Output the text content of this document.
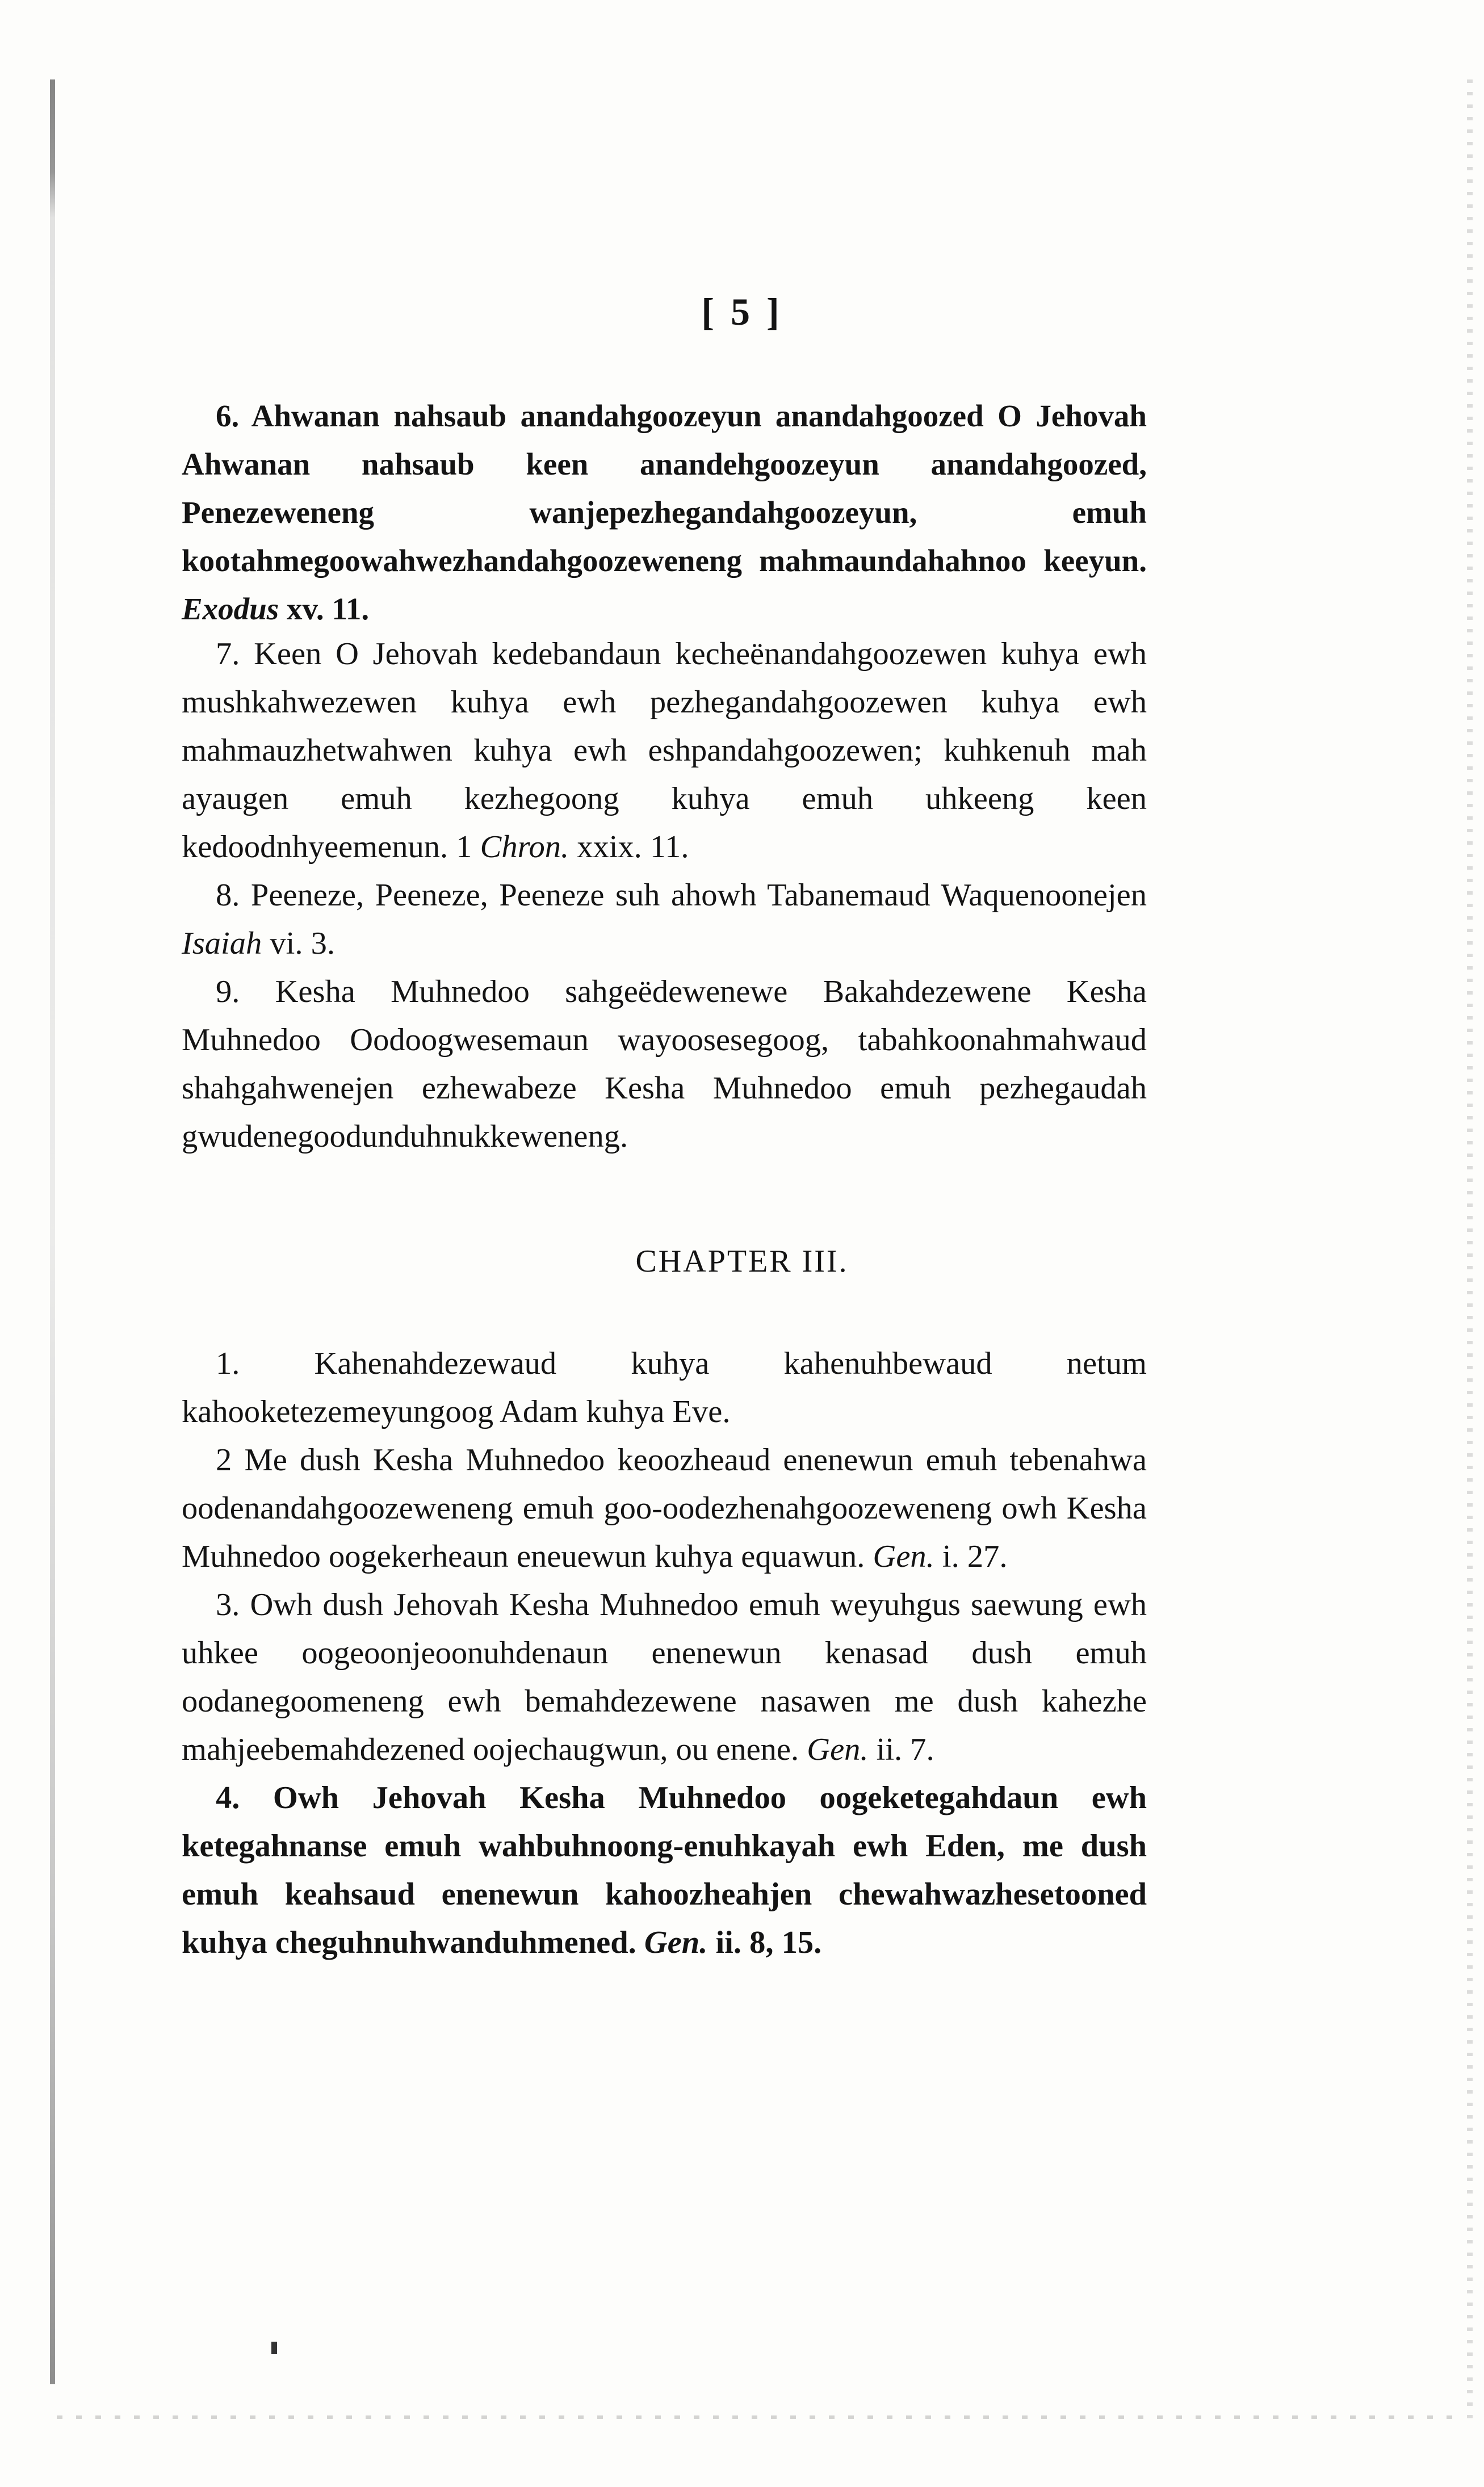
[ 5 ]

6. Ahwanan nahsaub anandahgoozeyun anandahgoozed O Jehovah Ahwanan nahsaub keen anandehgoozeyun anandahgoozed, Penezeweneng wanjepezhegandahgoozeyun, emuh kootahmegoowahwezhandahgoozeweneng mahmaundahahnoo keeyun. Exodus xv. 11.

7. Keen O Jehovah kedebandaun kecheënandahgoozewen kuhya ewh mushkahwezewen kuhya ewh pezhegandahgoozewen kuhya ewh mahmauzhetwahwen kuhya ewh eshpandahgoozewen; kuhkenuh mah ayaugen emuh kezhegoong kuhya emuh uhkeeng keen kedoodnhyeemenun. 1 Chron. xxix. 11.

8. Peeneze, Peeneze, Peeneze suh ahowh Tabanemaud Waquenoonejen Isaiah vi. 3.

9. Kesha Muhnedoo sahgeëdewenewe Bakahdezewene Kesha Muhnedoo Oodoogwesemaun wayoosesegoog, tabahkoonahmahwaud shahgahwenejen ezhewabeze Kesha Muhnedoo emuh pezhegaudah gwudenegoodunduhnukkeweneng.

CHAPTER III.

1. Kahenahdezewaud kuhya kahenuhbewaud netum kahooketezemeyungoog Adam kuhya Eve.

2 Me dush Kesha Muhnedoo keoozheaud enenewun emuh tebenahwa oodenandahgoozeweneng emuh goo-oodezhenahgoozeweneng owh Kesha Muhnedoo oogekerheaun eneuewun kuhya equawun. Gen. i. 27.

3. Owh dush Jehovah Kesha Muhnedoo emuh weyuhgus saewung ewh uhkee oogeoonjeoonuhdenaun enenewun kenasad dush emuh oodanegoomeneng ewh bemahdezewene nasawen me dush kahezhe mahjeebemahdezened oojechaugwun, ou enene. Gen. ii. 7.

4. Owh Jehovah Kesha Muhnedoo oogeketegahdaun ewh ketegahnanse emuh wahbuhnoong-enuhkayah ewh Eden, me dush emuh keahsaud enenewun kahoozheahjen chewahwazhesetooned kuhya cheguhnuhwanduhmened. Gen. ii. 8, 15.
